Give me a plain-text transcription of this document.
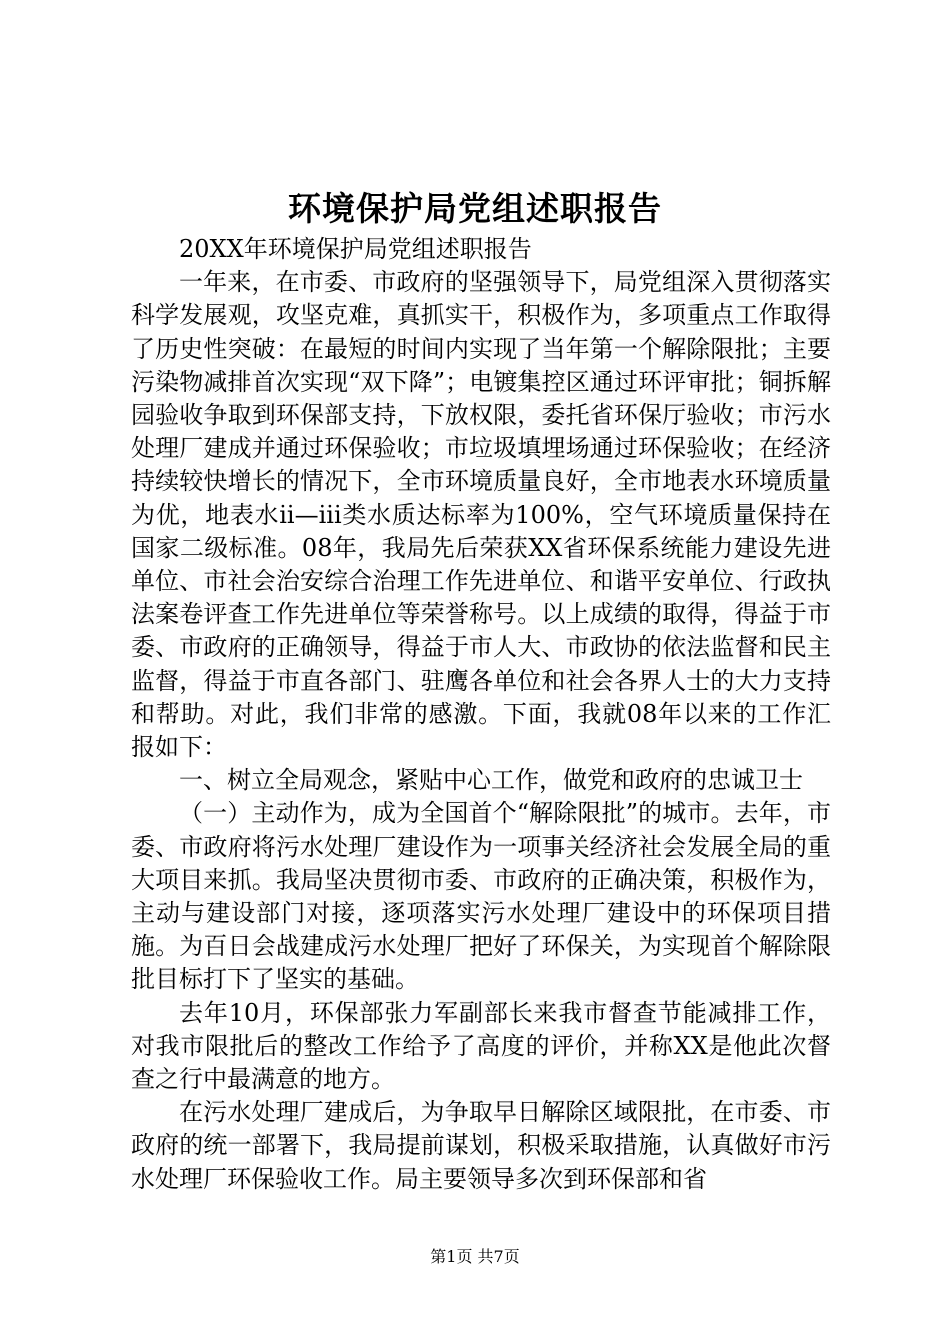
环境保护局党组述职报告

20XX年环境保护局党组述职报告

一年来，在市委、市政府的坚强领导下，局党组深入贯彻落实科学发展观，攻坚克难，真抓实干，积极作为，多项重点工作取得了历史性突破：在最短的时间内实现了当年第一个解除限批；主要污染物减排首次实现“双下降”；电镀集控区通过环评审批；铜拆解园验收争取到环保部支持，下放权限，委托省环保厅验收；市污水处理厂建成并通过环保验收；市垃圾填埋场通过环保验收；在经济持续较快增长的情况下，全市环境质量良好，全市地表水环境质量为优，地表水ii—iii类水质达标率为100%，空气环境质量保持在国家二级标准。08年，我局先后荣获XX省环保系统能力建设先进单位、市社会治安综合治理工作先进单位、和谐平安单位、行政执法案卷评查工作先进单位等荣誉称号。以上成绩的取得，得益于市委、市政府的正确领导，得益于市人大、市政协的依法监督和民主监督，得益于市直各部门、驻鹰各单位和社会各界人士的大力支持和帮助。对此，我们非常的感激。下面，我就08年以来的工作汇报如下：

一、树立全局观念，紧贴中心工作，做党和政府的忠诚卫士

（一）主动作为，成为全国首个“解除限批”的城市。去年，市委、市政府将污水处理厂建设作为一项事关经济社会发展全局的重大项目来抓。我局坚决贯彻市委、市政府的正确决策，积极作为，主动与建设部门对接，逐项落实污水处理厂建设中的环保项目措施。为百日会战建成污水处理厂把好了环保关，为实现首个解除限批目标打下了坚实的基础。

去年10月，环保部张力军副部长来我市督查节能减排工作，对我市限批后的整改工作给予了高度的评价，并称XX是他此次督查之行中最满意的地方。

在污水处理厂建成后，为争取早日解除区域限批，在市委、市政府的统一部署下，我局提前谋划，积极采取措施，认真做好市污水处理厂环保验收工作。局主要领导多次到环保部和省

第1页 共7页
